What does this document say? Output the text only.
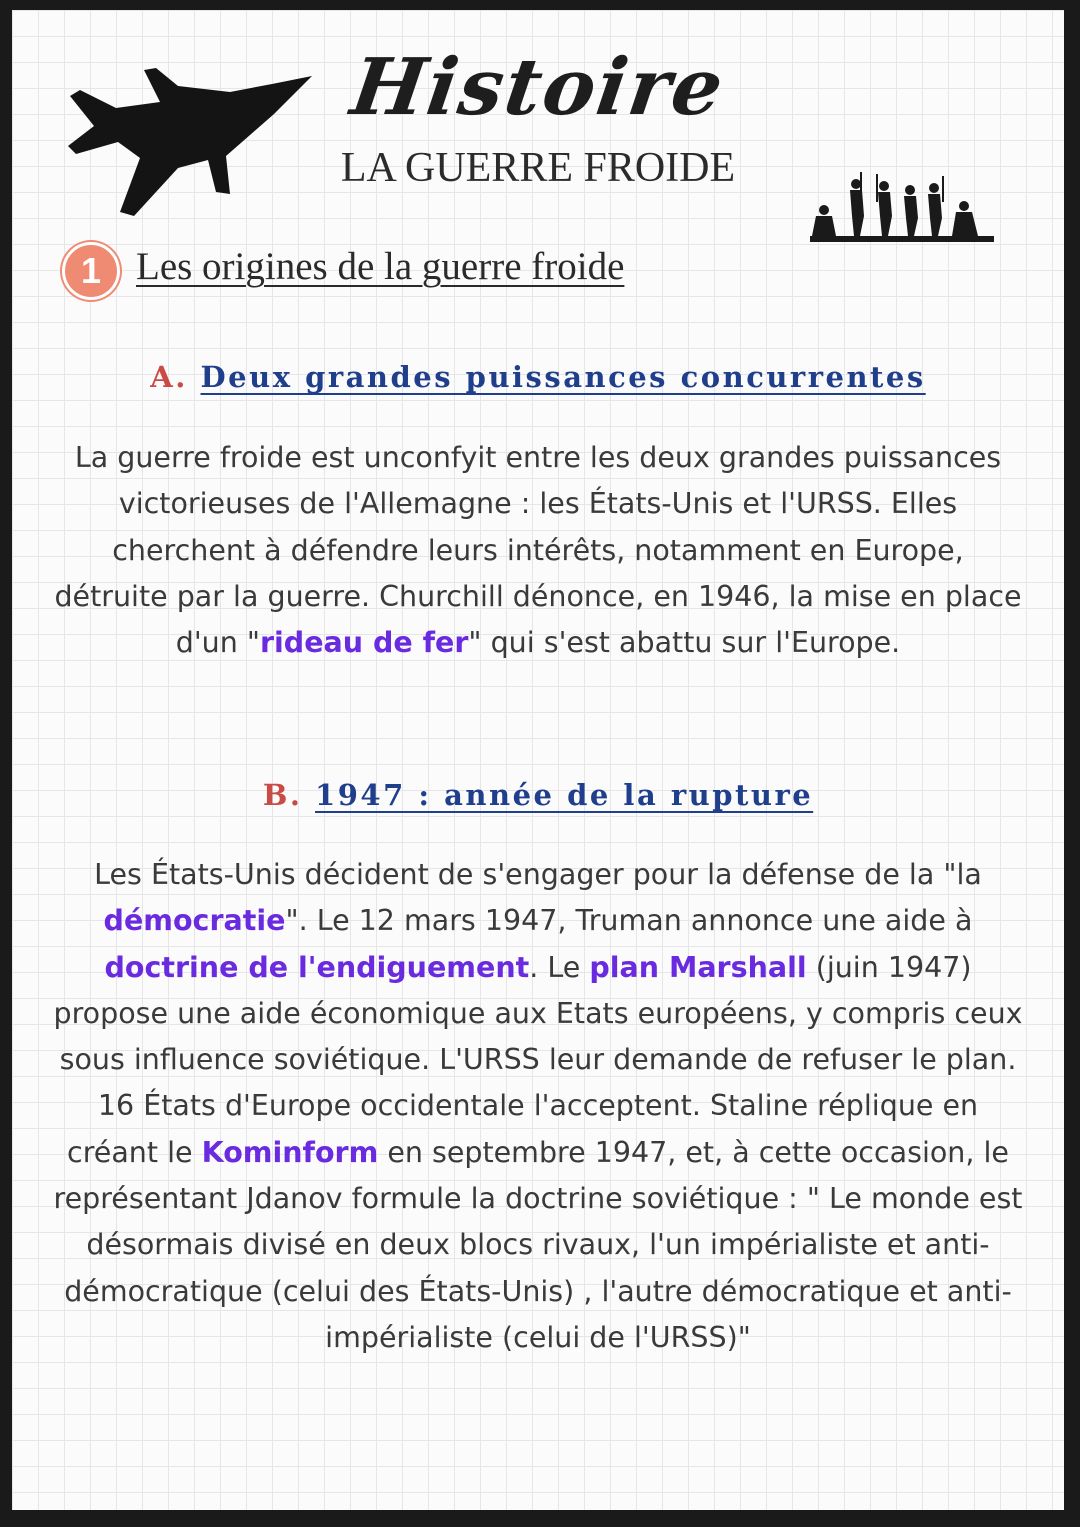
Histoire
LA GUERRE FROIDE
1 Les origines de la guerre froide
A. Deux grandes puissances concurrentes
La guerre froide est unconfyit entre les deux grandes puissances victorieuses de l'Allemagne : les États-Unis et l'URSS. Elles cherchent à défendre leurs intérêts, notamment en Europe, détruite par la guerre. Churchill dénonce, en 1946, la mise en place d'un "rideau de fer" qui s'est abattu sur l'Europe.
B. 1947 : année de la rupture
Les États-Unis décident de s'engager pour la défense de la "la démocratie". Le 12 mars 1947, Truman annonce une aide à doctrine de l'endiguement. Le plan Marshall (juin 1947) propose une aide économique aux Etats européens, y compris ceux sous influence soviétique. L'URSS leur demande de refuser le plan. 16 États d'Europe occidentale l'acceptent. Staline réplique en créant le Kominform en septembre 1947, et, à cette occasion, le représentant Jdanov formule la doctrine soviétique : " Le monde est désormais divisé en deux blocs rivaux, l'un impérialiste et anti-démocratique (celui des États-Unis) , l'autre démocratique et anti-impérialiste (celui de l'URSS)"
